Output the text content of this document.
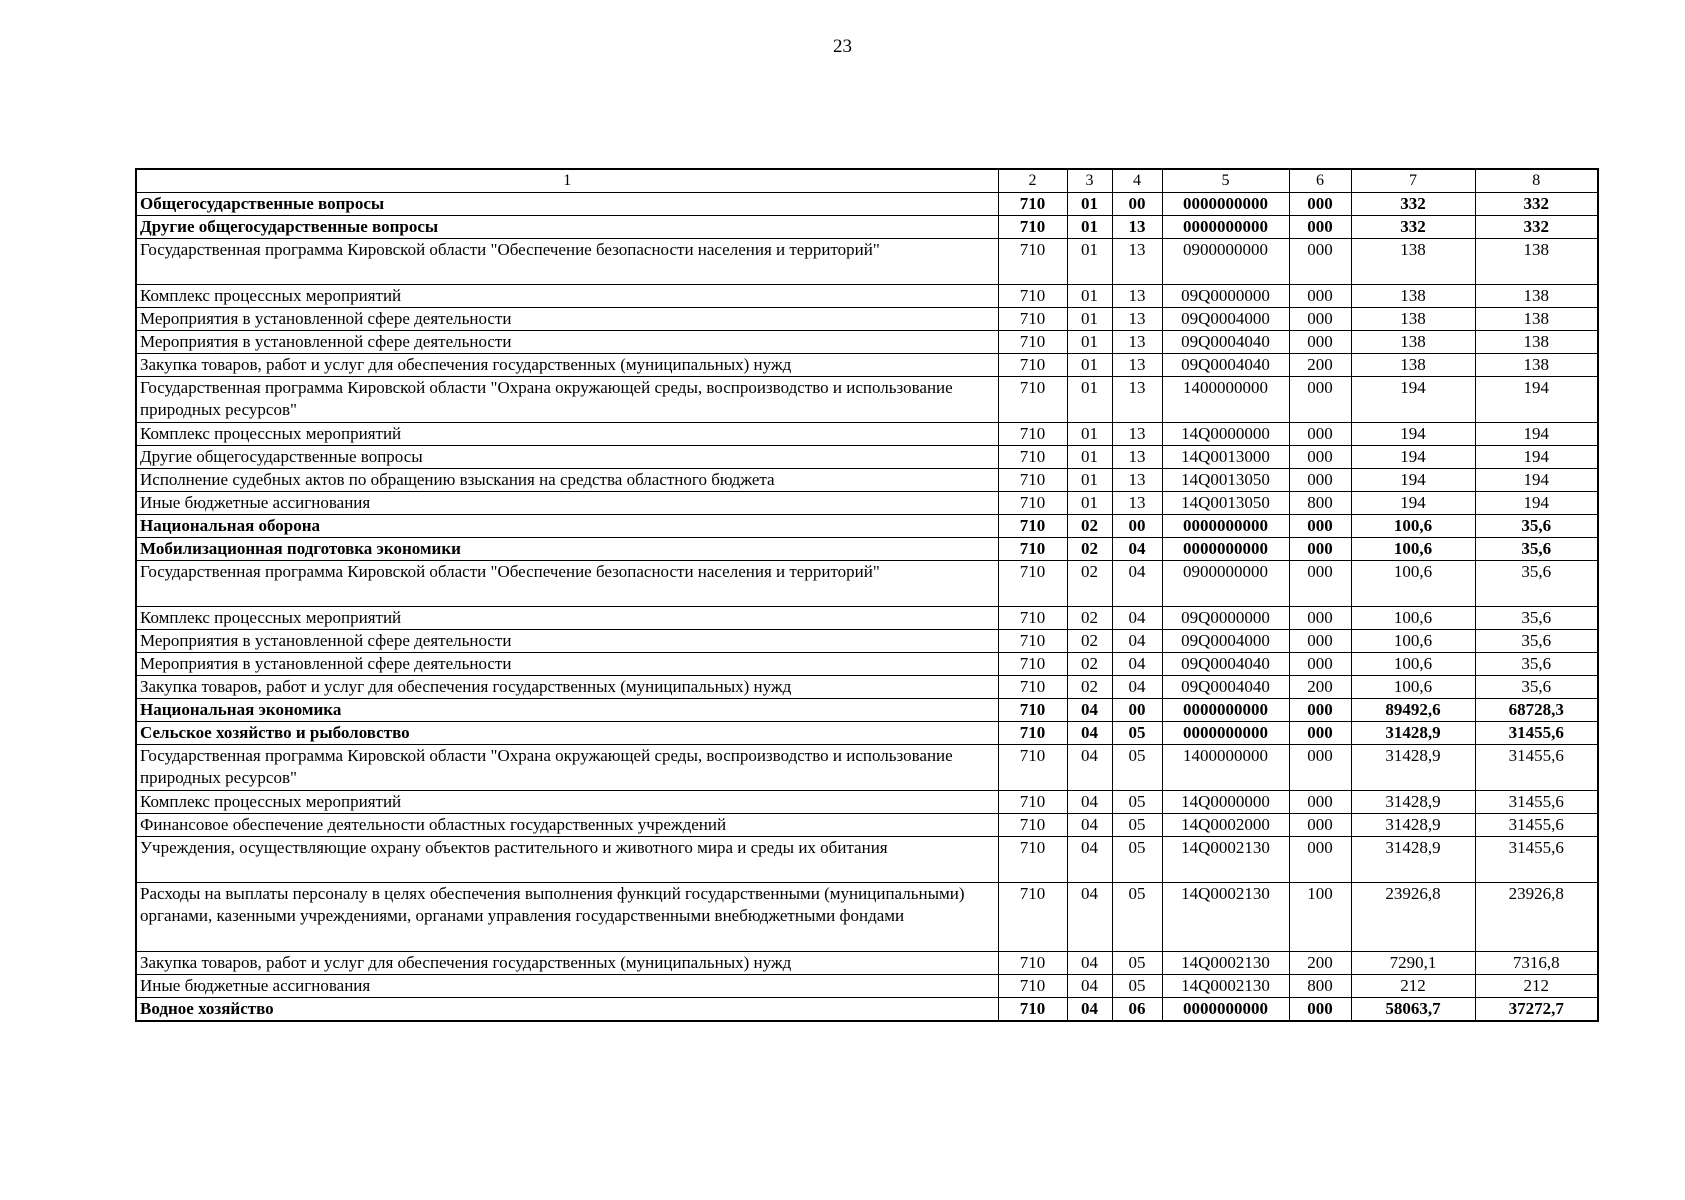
23
1	2	3	4	5	6	7	8
Общегосударственные вопросы	710	01	00	0000000000	000	332	332
Другие общегосударственные вопросы	710	01	13	0000000000	000	332	332
Государственная программа Кировской области "Обеспечение безопасности населения и территорий"	710	01	13	0900000000	000	138	138
Комплекс процессных мероприятий	710	01	13	09Q0000000	000	138	138
Мероприятия в установленной сфере деятельности	710	01	13	09Q0004000	000	138	138
Мероприятия в установленной сфере деятельности	710	01	13	09Q0004040	000	138	138
Закупка товаров, работ и услуг для обеспечения государственных (муниципальных) нужд	710	01	13	09Q0004040	200	138	138
Государственная программа Кировской области "Охрана окружающей среды, воспроизводство и использование природных ресурсов"	710	01	13	1400000000	000	194	194
Комплекс процессных мероприятий	710	01	13	14Q0000000	000	194	194
Другие общегосударственные вопросы	710	01	13	14Q0013000	000	194	194
Исполнение судебных актов по обращению взыскания на средства областного бюджета	710	01	13	14Q0013050	000	194	194
Иные бюджетные ассигнования	710	01	13	14Q0013050	800	194	194
Национальная оборона	710	02	00	0000000000	000	100,6	35,6
Мобилизационная подготовка экономики	710	02	04	0000000000	000	100,6	35,6
Государственная программа Кировской области "Обеспечение безопасности населения и территорий"	710	02	04	0900000000	000	100,6	35,6
Комплекс процессных мероприятий	710	02	04	09Q0000000	000	100,6	35,6
Мероприятия в установленной сфере деятельности	710	02	04	09Q0004000	000	100,6	35,6
Мероприятия в установленной сфере деятельности	710	02	04	09Q0004040	000	100,6	35,6
Закупка товаров, работ и услуг для обеспечения государственных (муниципальных) нужд	710	02	04	09Q0004040	200	100,6	35,6
Национальная экономика	710	04	00	0000000000	000	89492,6	68728,3
Сельское хозяйство и рыболовство	710	04	05	0000000000	000	31428,9	31455,6
Государственная программа Кировской области "Охрана окружающей среды, воспроизводство и использование природных ресурсов"	710	04	05	1400000000	000	31428,9	31455,6
Комплекс процессных мероприятий	710	04	05	14Q0000000	000	31428,9	31455,6
Финансовое обеспечение деятельности областных государственных учреждений	710	04	05	14Q0002000	000	31428,9	31455,6
Учреждения, осуществляющие охрану объектов растительного и животного мира и среды их обитания	710	04	05	14Q0002130	000	31428,9	31455,6
Расходы на выплаты персоналу в целях обеспечения выполнения функций государственными (муниципальными) органами, казенными учреждениями, органами управления государственными внебюджетными фондами	710	04	05	14Q0002130	100	23926,8	23926,8
Закупка товаров, работ и услуг для обеспечения государственных (муниципальных) нужд	710	04	05	14Q0002130	200	7290,1	7316,8
Иные бюджетные ассигнования	710	04	05	14Q0002130	800	212	212
Водное хозяйство	710	04	06	0000000000	000	58063,7	37272,7
